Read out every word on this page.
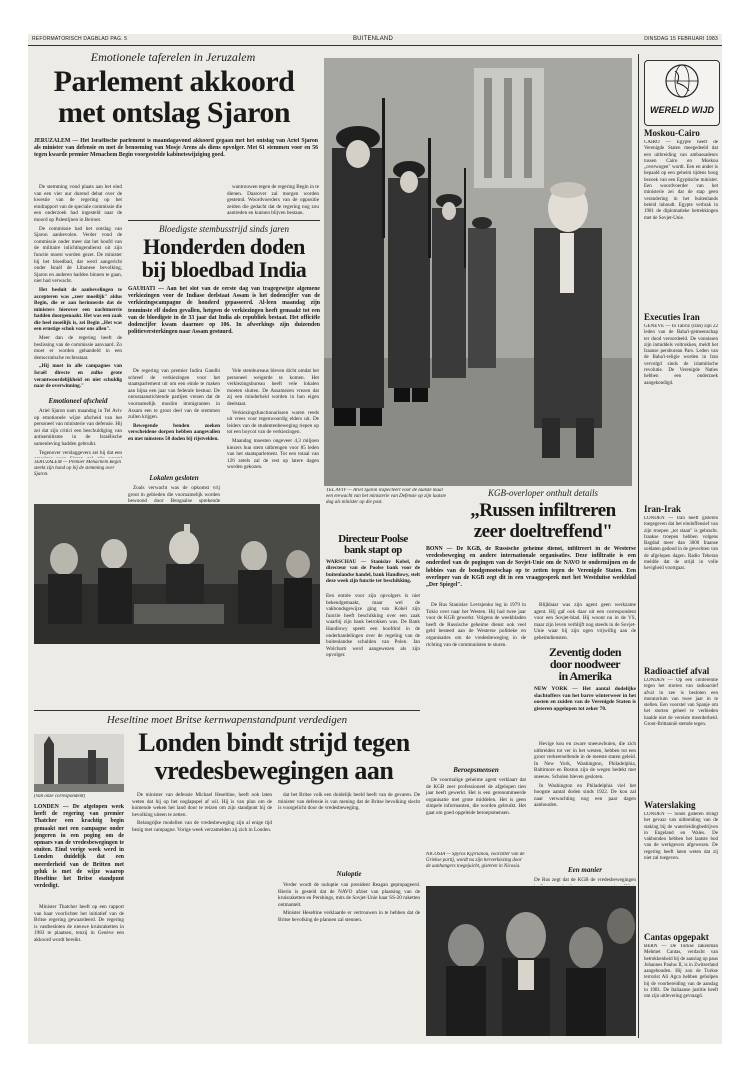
REFORMATORISCH DAGBLAD PAG. 5	BUITENLAND	DINSDAG 15 FEBRUARI 1983
Emotionele taferelen in Jeruzalem
Parlement akkoord
met ontslag Sjaron
JERUZALEM — Het Israëlische parlement is maandagavond akkoord gegaan met het ontslag van Ariel Sjaron als minister van defensie en met de benoeming van Mosje Arens als diens opvolger. Met 61 stemmen voor en 56 tegen kwarde premier Menachem Begin voorgestelde kabinetswijziging goed.

De stemming vond plaats aan het eind van een vier uur durend debat over de kwestie van de regering op het eindrapport van de speciale commissie die een onderzoek had ingesteld naar de moord op Palestijnen in Beiroet.

De commissie had het ontslag van Sjaron aanbevolen. Verder vond de commissie onder meer dat het hoofd van de militaire inlichtingendienst uit zijn functie moest worden gezet. De minister bij het bloedbad, dat werd aangericht onder Israël de Libanese bevolking, Sjaron en anderen hadden binnen te gaan, niet had verwacht.

Het besluit de aanbevelingen te accepteren was „zeer moeilijk" aldus Begin, die er aan herinnerde dat de ministers hierover een nachtmerrie hadden doorgemaakt. Het was een zaak die heel moeilijk is, zei Begin „Het was een ernstige schok voor ons allen".

Meer dan de regering heeft de beslissing van de commissie aanvaard. Zo moet er worden gehandeld in een democratische rechtsstaat.

„Hij moet in alle campagnes van Israël directe en zulke grote verantwoordelijkheid en niet schuldig naar de overwinning."

Emotioneel afscheid

Ariel Sjaron nam maandag in Tel Aviv op emotionele wijze afscheid van het personeel van ministerie van defensie. Hij zei dat zijn critici een beschuldiging van antisemitisme in de Israëlische samenleving hadden gebruikt.

Tegenover verslaggevers zei hij dat een

JERUZALEM — Premier Menachem Begin steekt zijn hand op bij de stemming over Sjaron.

wantrouwen tegen de regering Begin in te dienen. Daarover zal morgen worden gestemd. Woordvoerders van de oppositie zeiden die gedacht dat de regering nog zou aantreden en kunnen blijven bestaan.

Bloedigste stembusstrijd sinds jaren
Honderden doden
bij bloedbad India
GAUHATI — Aan het slot van de eerste dag van tragegewijze algemene verkiezingen voor de Indiase deelstaat Assam is het dodencijfer van de verkiezingscampagne de honderd gepasseerd. Al-leen maandag zijn tenminste elf doden gevallen, hetgeen de verkiezingen heeft gemaakt tot een van de bloedigste in de 33 jaar dat India als republiek bestaat. Het officiële dodencijfer kwam daarmee op 106. In afwerkings zijn duizenden politieversterkingen naar Assam gestuurd.

De regering van premier Indira Gandhi schreef de verkiezingen voor het staatsparlement uit om een einde te maken aan bijna een jaar van federale bestuur. De onrustaanstichtende partijen vrezen dat de voornamelijk moslim immigranten in Assam een te groot deel van de stemmen zullen krijgen.

Bewegende benden zoeken verscheidene dorpen hebben aangevallen en met minstens 50 doden bij rijstvelden.

Lokalen gesloten

Zoals verwacht was de opkomst vrij groot in gebieden die voornamelijk worden bewoond door Bengaalse sprekende

Vele stembureaus bleven dicht omdat het personeel weigerde te komen. Het verkiezingsbureau heeft vele lokalen moeten sluiten. De Assamezen vrezen dat zij een minderheid worden in hun eigen deelstaat.

Verkiezingsfunctionarissen waren reeds uit vrees voor tegenwoordig elders uit. De leiders van de studentenbeweging riepen op tot een boycot van de verkiezingen.

Maandag moesten ongeveer 4,3 miljoen kiezers hun stem uitbrengen voor 85 leden van het staatsparlement. Tot een totaal van 126 zetels zal de rest op latere dagen worden gekozen.

TEL AVIV — Ariel Sjaron inspecteert voor de laatste maal een erewacht van het ministerie van Defensie op zijn laatste dag als minister op die post.
KGB-overloper onthult details
„Russen infiltreren
zeer doeltreffend"
BONN — De KGB, de Russische geheime dienst, infiltreert in de Westerse vredesbeweging en andere internationale organisaties. Deze infiltratie is een onderdeel van de pogingen van de Sovjet-Unie om de NAVO te ondermijnen en de lobbies van de bondgenootschap op te zetten tegen de Verenigde Staten. Een overloper van de KGB zegt dit in een vraaggesprek met het Westduitse weekblad „Der Spiegel".

De Rus Stanislav Levtsjenko leg in 1979 in Tokio over naar het Westen. Hij had twee jaar voor de KGB gewerkt. Volgens de weekbladen heeft de Russische geheime dienst ook veel geld besteed aan de Westerse politieke en organisaties om de vredesbeweging in de richting van de communisten te sturen.

Beroepsmensen

De voormalige geheime agent verklaart dat de KGB zeer professioneel de afgelopen tien jaar heeft gewerkt. Het is een gerenommeerde organisatie met grote middelen. Het is geen simpele informanten, die worden gebruikt. Het gaat om goed opgeleide beroepsmensen.

Blijkbaar was zijn agent geen werkzame agent. Hij gaf ook daar uit een correspondent voor een Sovjet-blad. Hij woont nu in de VS, maar zijn leven verblijft nog steeds in de Sovjet-Unie waar hij zijn ogen vrijwillig aan de geheimdiensten.

Zeventig doden
door noodweer
in Amerika
NEW YORK — Het aantal dodelijke slachtoffers van het barre winterweer in het oosten en zuiden van de Verenigde Staten is gisteren opgelopen tot zeker 70.

Hevige kou en zware sneeuwbuien, die zich uitbreiden tot ver in het westen, hebben tot een groot verkeersellende in de meeste staten geleid. In New York, Washington, Philadelphia, Baltimore en Boston zijn de wegen bedekt met sneeuw. Scholen bleven gesloten.

In Washington en Philadelphia viel het hoogste aantal doden sinds 1922. De kou zal naar verwachting nog een paar dagen aanhouden.

Directeur Poolse
bank stapt op
WARSCHAU — Stanislav Kobel, de directeur van de Poolse bank voor de buitenlandse handel, bank Handlowy, stelt deze week zijn functie ter beschikking.
Een entrée voor zijn opvolgers is niet bekendgemaakt, maar wel de vakbondsgewijze ging van Kobel zijn functie heeft beschikking over een zaak waarbij zijn bank betrokken was. De Bank Handlowy speelt een hoofdrol in de onderhandelingen over de regeling van de buitenlandse schulden van Polen. Jan Wolcharti werd aangewezen als zijn opvolger.
Heseltine moet Britse kernwapenstandpunt verdedigen
Londen bindt strijd tegen
vredesbewegingen aan
(Van onze correspondent)
LONDEN — De afgelopen week heeft de regering van premier Thatcher een krachtig begin gemaakt met een campagne onder jongeren in een poging om de opmars van de vredesbewegingen te stuiten. Eind vorige week werd in Londen duidelijk dat een meerderheid van de Britten met geluk is met de wijze waarop Heseltine het Britse standpunt verdedigt.

Minister Thatcher heeft op een rapport van haar voorlichter het initiatief van de Britse regering gewaardeerd. De regering is vastbesloten de nieuwe kruisraketten in 1983 te plaatsen, tenzij in Genève een akkoord wordt bereikt.

De minister van defensie Michael Heseltine, heeft ook laten weten dat hij op het ooglapspel af wil. Hij is van plan om de komende weken het land door te reizen om zijn standpunt bij de bevolking uiteen te zetten.

Belangrijke modellen van de vredesbeweging zijn al enige tijd bezig met campagne. Vorige week verzamelden zij zich in Londen.

dat het Britse volk een duidelijk beeld heeft van de gevaren. De minister van defensie is van mening dat de Britse bevolking slecht is voorgelicht door de vredesbeweging.

Nuloptie

Verder wordt de nuloptie van president Reagan gepropageerd. Hierin is gesteld dat de NAVO afziet van plaatsing van de kruisraketten en Pershings, mits de Sovjet-Unie haar SS-20 raketten ontmantelt.

Minister Heseltine verklaarde er vertrouwen in te hebben dat de Britse bevolking de plannen zal steunen.

NICOSIA — Spyros Kyprianou, voorzitter van de Griekse partij, wordt na zijn herverkiezing door de aanhangers toegejuicht, gisteren in Nicosia.	Een manier
De Rus zegt dat de KGB de vredesbewegingen
WERELD WIJD
Moskou-Cairo
CAIRO — Egypte heeft de Verenigde Staten meegedeeld dat een uitbreiding van ambassadeurs tussen Cairo en Moskou „overwogen" wordt. Een en ander is bepaald op een geheim tijdens hoog bezoek van een Egyptische minister. Een woordvoerder van het ministerie zei dat de stap geen verandering in het buitenlands beleid inhoudt. Egypte verbrak in 1981 de diplomatieke betrekkingen met de Sovjet-Unie.
Executies Iran
GENEVE — In Tabriz (Iran) zijn 22 leden van de Baha'i-gemeenschap ter dood veroordeeld. De vonnissen zijn inmiddels voltrokken, meldt het Iraanse persbureau Pars. Leden van de Baha'i-religie worden in Iran vervolgd sinds de islamitische revolutie. De Verenigde Naties hebben een onderzoek aangekondigd.
Iran-Irak
LONDEN — Iran heeft gisteren toegegeven dat het eindoffensief van zijn troepen „tot staan" is gebracht. Iraakse troepen hebben volgens Bagdad meer dan 3000 Iraanse soldaten gedood in de gevechten van de afgelopen dagen. Radio Teheran meldde dat de strijd in volle hevigheid voortgaat.
Radioactief afval
LONDEN — Op een conferentie tegen het storten van radioactief afval in zee is besloten een moratorium van twee jaar in te stellen. Een voorstel van Spanje om het storten geheel te verbieden haalde niet de vereiste meerderheid. Groot-Brittannië stemde tegen.
Waterslaking
LONDEN — Sinds gisteren dringt het gevaar van uitbreiding van de staking bij de waterleidingbedrijven in Engeland en Wales. De vakbonden hebben het laatste bod van de werkgevers afgewezen. De regering heeft laten weten dat zij niet zal toegeven.
Cantas opgepakt
BERN — De Turkse zakenman Mehmet Cantas, verdacht van betrokkenheid bij de aanslag op paus Johannes Paulus II, is in Zwitserland aangehouden. Hij zou de Turkse terrorist Ali Agca hebben geholpen bij de voorbereiding van de aanslag in 1981. De Italiaanse justitie heeft om zijn uitlevering gevraagd.
